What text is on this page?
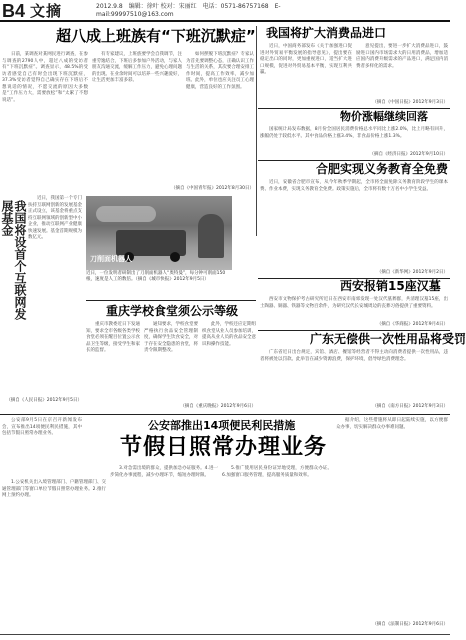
B4 文摘	2012.9.8　编辑：徐叶 校对：宋丽红　电话：0571-86757168　E-mail:99997510@163.com
超八成上班族有“下班沉默症”

日前，某调查对某网民进行调查，在参与调查的2790人中，超过八成的受访者有“下班沉默症”。调查显示，48.5%的受访者感觉自己有时会出现下班沉默症，37.3%受访者觉得自己确实存在下班后不想说话的情况，不愿交流的原因大多数是“工作压力大，需要放松”和“太累了不想说话”。

有专家建议，上班族要学会自我调节，注重劳逸结合，下班后多参加户外活动，与家人朋友沟通交流，缓解工作压力，避免心理问题的出现。在业余时间可以培养一些兴趣爱好，让生活更加丰富多彩。

如何摆脱下班沉默症？专家认为首先要调整心态，正确认识工作与生活的关系，其次要合理安排工作时间，提高工作效率，减少加班。此外，单位也应关注员工心理健康，营造良好的工作氛围。

（摘自《中国青年报》2012年8月30日）
我国将扩大消费品进口

近日，中国商务部发布《关于加强进口促进对外贸易平衡发展的指导意见》，提出要在稳定出口的同时，更加重视进口，适当扩大进口规模，促进对外贸易基本平衡，实现互利共赢。

意见提出，要进一步扩大消费品进口，鼓励进口国内市场需求大的日用消费品，增加适应国内消费升级需求的产品进口，满足国内消费者多样化的需求。

（摘自《中国日报》2012年9月3日）
物价涨幅继续回落

国家统计局发布数据，8月份全国居民消费价格总水平同比上涨2.0%，比上月略有回升，涨幅仍处于较低水平。其中食品价格上涨3.4%，非食品价格上涨1.3%。

（摘自《经济日报》2012年9月10日）
合肥实现义务教育全免费

近日，安徽省合肥市宣布，从今年秋季学期起，全市将全面免除义务教育阶段学生的课本费、作业本费，实现义务教育全免费。政策实施后，全市将有数十万名中小学生受益。

（摘自《新华网》2012年9月2日）
西安报销15座汉墓

西安市文物保护考古研究所近日在西安市南郊发现一处汉代墓葬群，共清理汉墓15座，出土陶器、铜器、铁器等文物百余件，为研究汉代长安城周边的丧葬习俗提供了重要资料。

（摘自《华商报》2012年9月4日）
广东无偿供一次性用品将受罚

广东省近日出台规定，宾馆、酒店、餐馆等经营者不得主动向消费者提供一次性用品，违者将被处以罚款。此举旨在减少资源浪费，保护环境，倡导绿色消费理念。

（摘自《南方日报》2012年9月3日）
我国将设首个互联网发展基金

近日，我国第一个专门扶持互联网创新的发展基金正式设立，该基金将重点支持互联网领域的创新型中小企业，推动互联网产业健康快速发展。基金首期规模为数亿元。

（摘自《人民日报》2012年9月5日）
刀削面机器人
近日，一位发明者研制出了刀削面机器人“奥特曼”，每分钟可削面150根，速度是人工的数倍。（摘自《城市快报》2012年9月5日）
重庆学校食堂须公示等级

重庆市教委近日下发通知，要求全市各级各类学校食堂必须在醒目位置公示食品卫生等级，接受学生和家长的监督。

通知要求，学校食堂要严格执行食品安全管理制度，确保学生饮食安全，对于存在安全隐患的食堂，将责令限期整改。

此外，学校还应定期组织食堂从业人员参加培训，提高从业人员的食品安全意识和操作技能。

（摘自《重庆晚报》2012年9月6日）

公安部9月5日在京召开新闻发布会，宣布推出14项便民利民措施，其中包括节假日照常办理业务。

公安部推出14项便民利民措施
节假日照常办理业务

1.公安机关出入境管理部门、户籍管理部门、交通管理部门等窗口单位节假日照常办理业务。2.推行网上预约办理。

3.对急需出境的群众，提供加急办证服务。4.进一步简化办事流程，减少办理环节，缩短办理时限。

5.推广使用居民身份证异地受理，方便群众办证。6.加强窗口服务管理，提高服务质量和效率。

据介绍，这些措施将从即日起陆续实施，以方便群众办事，切实解决群众办事难问题。

（摘自《法制日报》2012年9月6日）
